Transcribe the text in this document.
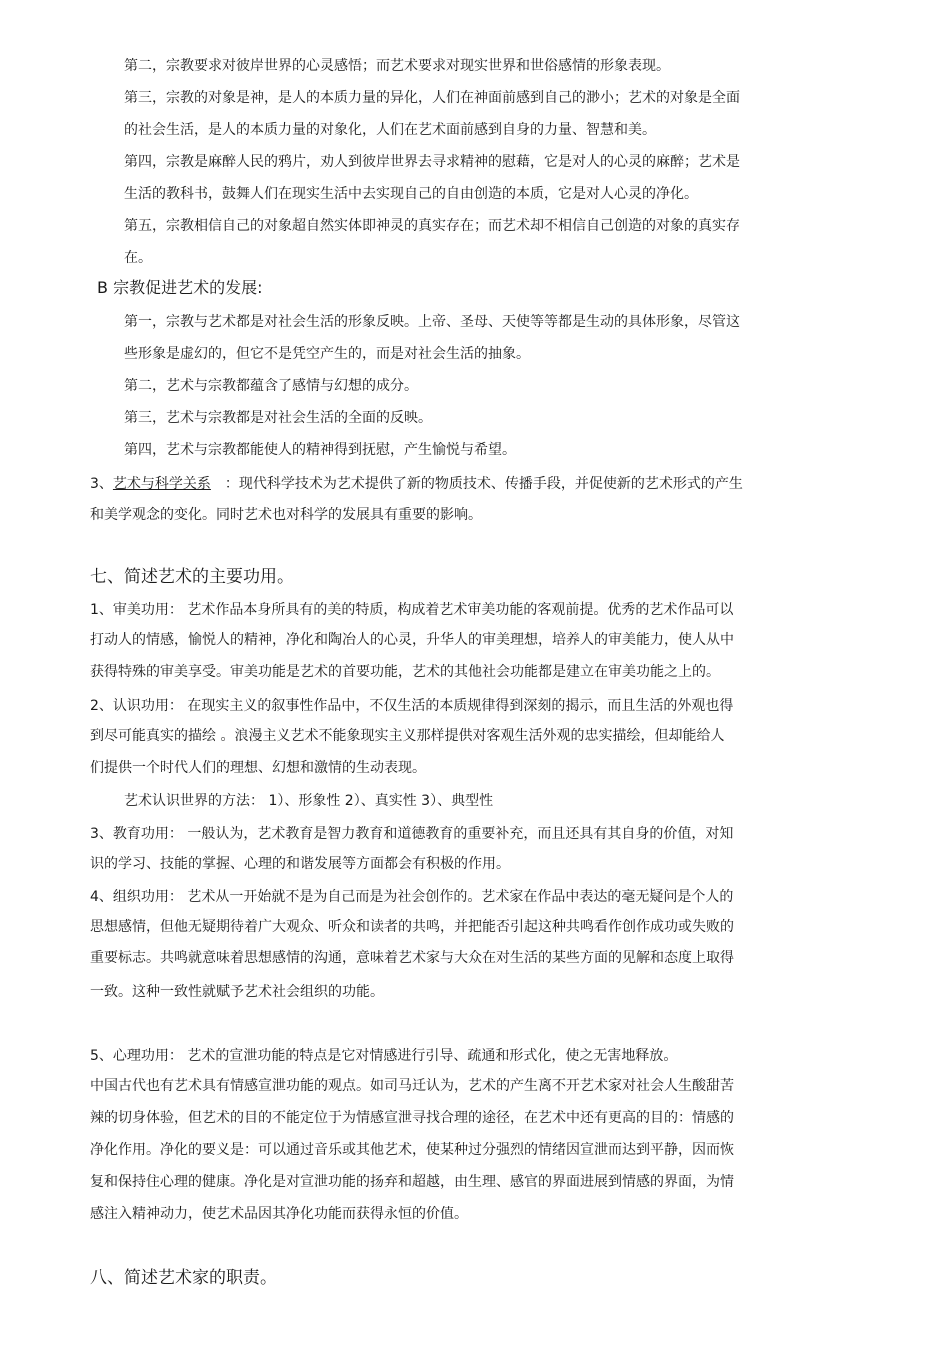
第二，宗教要求对彼岸世界的心灵感悟；而艺术要求对现实世界和世俗感情的形象表现。
第三，宗教的对象是神，是人的本质力量的异化，人们在神面前感到自己的渺小；艺术的对象是全面
的社会生活，是人的本质力量的对象化，人们在艺术面前感到自身的力量、智慧和美。
第四，宗教是麻醉人民的鸦片，劝人到彼岸世界去寻求精神的慰藉，它是对人的心灵的麻醉；艺术是
生活的教科书，鼓舞人们在现实生活中去实现自己的自由创造的本质，它是对人心灵的净化。
第五，宗教相信自己的对象超自然实体即神灵的真实存在；而艺术却不相信自己创造的对象的真实存
在。
B 宗教促进艺术的发展:
第一，宗教与艺术都是对社会生活的形象反映。上帝、圣母、天使等等都是生动的具体形象，尽管这
些形象是虚幻的，但它不是凭空产生的，而是对社会生活的抽象。
第二，艺术与宗教都蕴含了感情与幻想的成分。
第三，艺术与宗教都是对社会生活的全面的反映。
第四，艺术与宗教都能使人的精神得到抚慰，产生愉悦与希望。
3、艺术与科学关系 ：现代科学技术为艺术提供了新的物质技术、传播手段，并促使新的艺术形式的产生
和美学观念的变化。同时艺术也对科学的发展具有重要的影响。
七、简述艺术的主要功用。
1、审美功用： 艺术作品本身所具有的美的特质，构成着艺术审美功能的客观前提。优秀的艺术作品可以
打动人的情感，愉悦人的精神，净化和陶冶人的心灵，升华人的审美理想，培养人的审美能力，使人从中
获得特殊的审美享受。审美功能是艺术的首要功能，艺术的其他社会功能都是建立在审美功能之上的。
2、认识功用： 在现实主义的叙事性作品中，不仅生活的本质规律得到深刻的揭示，而且生活的外观也得
到尽可能真实的描绘 。浪漫主义艺术不能象现实主义那样提供对客观生活外观的忠实描绘，但却能给人
们提供一个时代人们的理想、幻想和激情的生动表现。
艺术认识世界的方法： 1）、形象性 2）、真实性 3）、典型性
3、教育功用： 一般认为，艺术教育是智力教育和道德教育的重要补充，而且还具有其自身的价值，对知
识的学习、技能的掌握、心理的和谐发展等方面都会有积极的作用。
4、组织功用： 艺术从一开始就不是为自己而是为社会创作的。艺术家在作品中表达的毫无疑问是个人的
思想感情，但他无疑期待着广大观众、听众和读者的共鸣，并把能否引起这种共鸣看作创作成功或失败的
重要标志。共鸣就意味着思想感情的沟通，意味着艺术家与大众在对生活的某些方面的见解和态度上取得
一致。这种一致性就赋予艺术社会组织的功能。
5、心理功用： 艺术的宣泄功能的特点是它对情感进行引导、疏通和形式化，使之无害地释放。
中国古代也有艺术具有情感宣泄功能的观点。如司马迁认为，艺术的产生离不开艺术家对社会人生酸甜苦
辣的切身体验，但艺术的目的不能定位于为情感宣泄寻找合理的途径，在艺术中还有更高的目的：情感的
净化作用。净化的要义是：可以通过音乐或其他艺术，使某种过分强烈的情绪因宣泄而达到平静，因而恢
复和保持住心理的健康。净化是对宣泄功能的扬弃和超越，由生理、感官的界面进展到情感的界面，为情
感注入精神动力，使艺术品因其净化功能而获得永恒的价值。
八、简述艺术家的职责。
